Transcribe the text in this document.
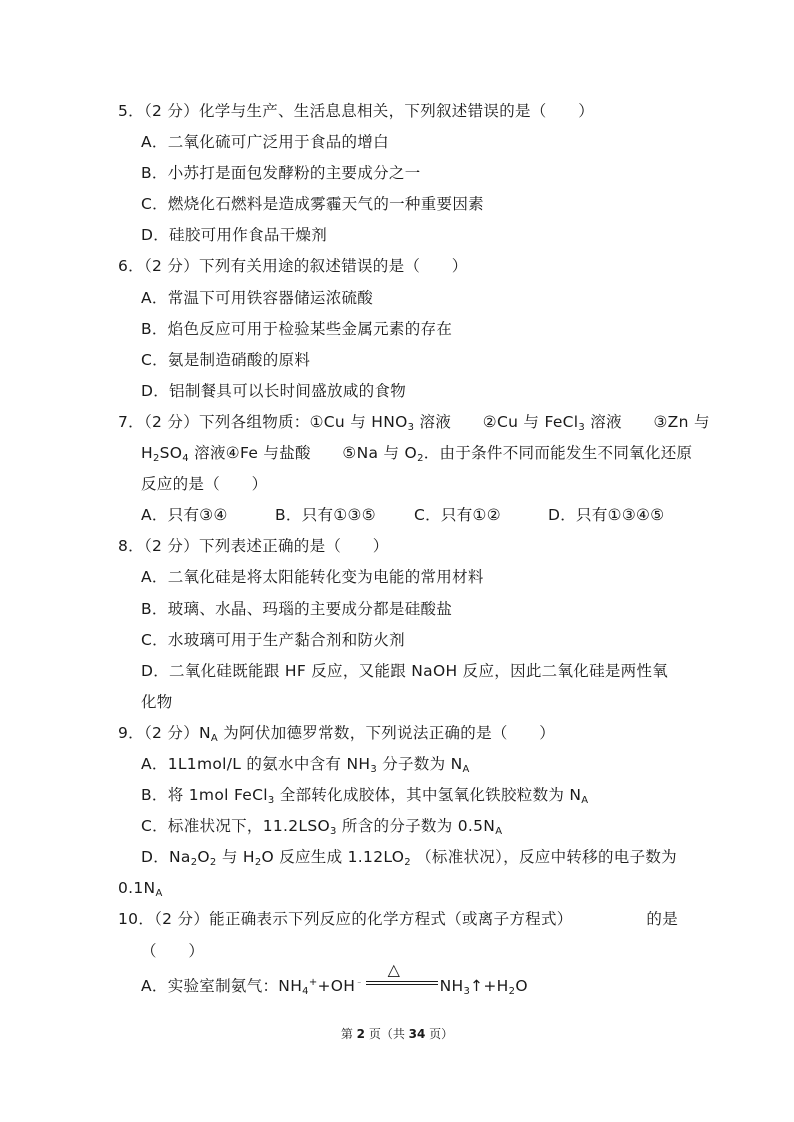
5．（2 分）化学与生产、生活息息相关，下列叙述错误的是（　　）
A．二氧化硫可广泛用于食品的增白
B．小苏打是面包发酵粉的主要成分之一
C．燃烧化石燃料是造成雾霾天气的一种重要因素
D．硅胶可用作食品干燥剂
6．（2 分）下列有关用途的叙述错误的是（　　）
A．常温下可用铁容器储运浓硫酸
B．焰色反应可用于检验某些金属元素的存在
C．氨是制造硝酸的原料
D．铝制餐具可以长时间盛放咸的食物
7．（2 分）下列各组物质：①Cu 与 $HNO_3$ 溶液　　②Cu 与 FeCl$_3$ 溶液　　③Zn 与
$H_2SO_4$ 溶液④Fe 与盐酸　　⑤Na 与 $O_2$．由于条件不同而能发生不同氧化还原
反应的是（　　）
A．只有③④	B．只有①③⑤	C．只有①②	D．只有①③④⑤
8．（2 分）下列表述正确的是（　　）
A．二氧化硅是将太阳能转化变为电能的常用材料
B．玻璃、水晶、玛瑙的主要成分都是硅酸盐
C．水玻璃可用于生产黏合剂和防火剂
D．二氧化硅既能跟 HF 反应，又能跟 NaOH 反应，因此二氧化硅是两性氧
化物
9．（2 分）$N_A$ 为阿伏加德罗常数，下列说法正确的是（　　）
A．1L1mol/L 的氨水中含有 $NH_3$ 分子数为 $N_A$
B．将 1mol FeCl$_3$ 全部转化成胶体，其中氢氧化铁胶粒数为 $N_A$
C．标准状况下，$11.2LSO_3$ 所含的分子数为 $0.5N_A$
D．$Na_2O_2$ 与 $H_2O$ 反应生成 $1.12LO_2$ （标准状况），反应中转移的电子数为
$0.1N_A$
10．（2 分）能正确表示下列反应的化学方程式（或离子方程式）	的是
（　　）
A．实验室制氨气：$NH_4^++OH^﹣$
△
$NH_3↑+H_2O$
第 2 页（共 34 页）
